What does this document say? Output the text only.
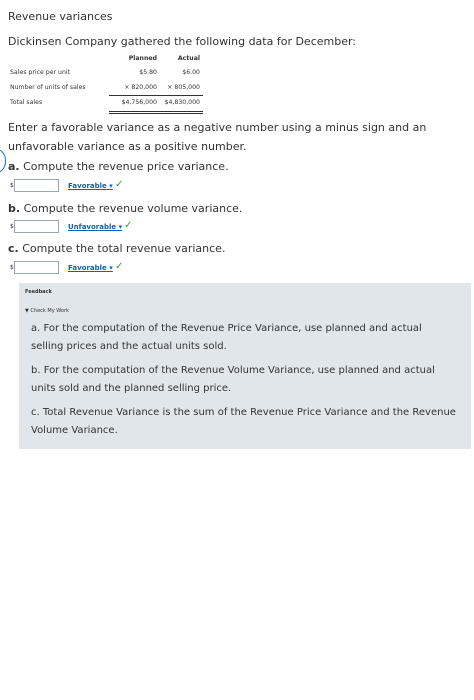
Revenue variances
Dickinsen Company gathered the following data for December:
Planned	Actual
Sales price per unit	$5.80	$6.00
Number of units of sales	× 820,000 × 805,000
Total sales	$4,756,000 $4,830,000
Enter a favorable variance as a negative number using a minus sign and an unfavorable variance as a positive number.
a. Compute the revenue price variance.
$	Favorable ▾ ✓
b. Compute the revenue volume variance.
$	Unfavorable ▾ ✓
c. Compute the total revenue variance.
$	Favorable ▾ ✓
Feedback
▼ Check My Work
a. For the computation of the Revenue Price Variance, use planned and actual selling prices and the actual units sold.
b. For the computation of the Revenue Volume Variance, use planned and actual units sold and the planned selling price.
c. Total Revenue Variance is the sum of the Revenue Price Variance and the Revenue Volume Variance.
